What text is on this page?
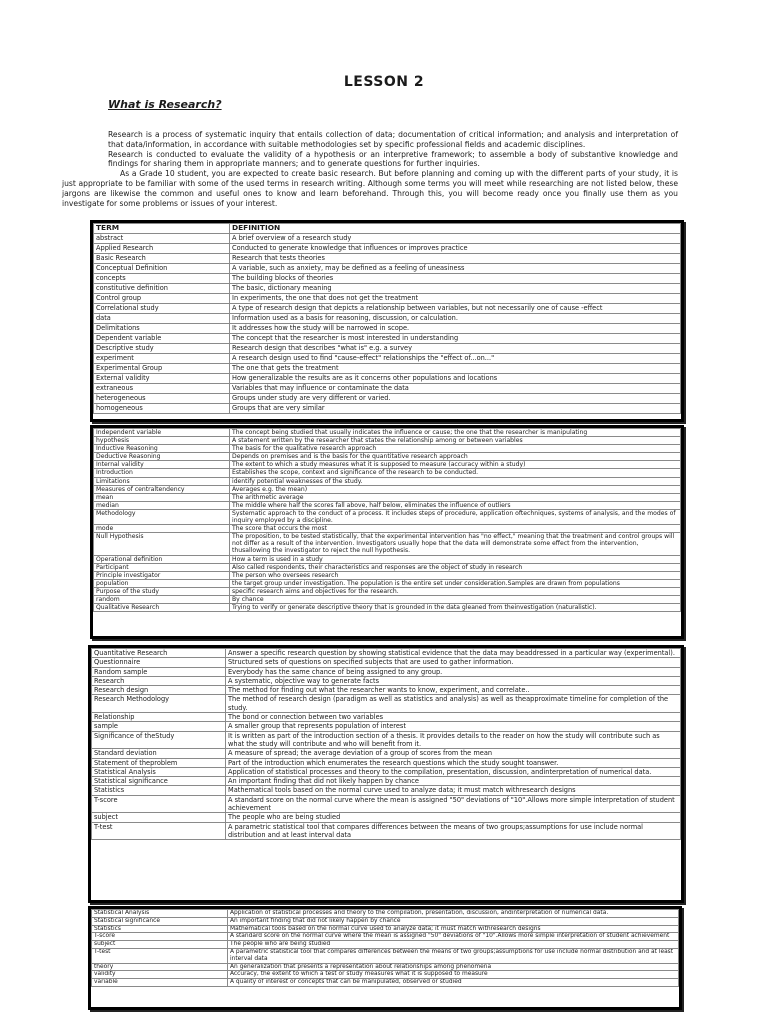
LESSON 2
What is Research?

Research is a process of systematic inquiry that entails collection of data; documentation of critical information; and analysis and interpretation of that data/information, in accordance with suitable methodologies set by specific professional fields and academic disciplines.

Research is conducted to evaluate the validity of a hypothesis or an interpretive framework; to assemble a body of substantive knowledge and findings for sharing them in appropriate manners; and to generate questions for further inquiries.

As a Grade 10 student, you are expected to create basic research. But before planning and coming up with the different parts of your study, it is just appropriate to be familiar with some of the used terms in research writing. Although some terms you will meet while researching are not listed below, these jargons are likewise the common and useful ones to know and learn beforehand. Through this, you will become ready once you finally use them as you investigate for some problems or issues of your interest.

TERM	DEFINITION
abstract	A brief overview of a research study
Applied Research	Conducted to generate knowledge that influences or improves practice
Basic Research	Research that tests theories
Conceptual Definition	A variable, such as anxiety, may be defined as a feeling of uneasiness
concepts	The building blocks of theories
constitutive definition	The basic, dictionary meaning
Control group	In experiments, the one that does not get the treatment
Correlational study	A type of research design that depicts a relationship between variables, but not necessarily one of cause -effect
data	Information used as a basis for reasoning, discussion, or calculation.
Delimitations	It addresses how the study will be narrowed in scope.
Dependent variable	The concept that the researcher is most interested in understanding
Descriptive study	Research design that describes "what is" e.g. a survey
experiment	A research design used to find "cause-effect" relationships the "effect of...on..."
Experimental Group	The one that gets the treatment
External validity	How generalizable the results are as it concerns other populations and locations
extraneous	Variables that may influence or contaminate the data
heterogeneous	Groups under study are very different or varied.
homogeneous	Groups that are very similar
Independent variable	The concept being studied that usually indicates the influence or cause; the one that the researcher is manipulating
hypothesis	A statement written by the researcher that states the relationship among or between variables
Inductive Reasoning	The basis for the qualitative research approach
Deductive Reasoning	Depends on premises and is the basis for the quantitative research approach
Internal validity	The extent to which a study measures what it is supposed to measure (accuracy within a study)
Introduction	Establishes the scope, context and significance of the research to be conducted.
Limitations	identify potential weaknesses of the study.
Measures of centraltendency	Averages e.g. the mean)
mean	The arithmetic average
median	The middle where half the scores fall above, half below, eliminates the influence of outliers
Methodology	Systematic approach to the conduct of a process. It includes steps of procedure, application oftechniques, systems of analysis, and the modes of inquiry employed by a discipline.
mode	The score that occurs the most
Null Hypothesis	The proposition, to be tested statistically, that the experimental intervention has "no effect," meaning that the treatment and control groups will not differ as a result of the intervention. Investigators usually hope that the data will demonstrate some effect from the intervention, thusallowing the investigator to reject the null hypothesis.
Operational definition	How a term is used in a study
Participant	Also called respondents, their characteristics and responses are the object of study in research
Principle investigator	The person who oversees research
population	the target group under investigation. The population is the entire set under consideration.Samples are drawn from populations
Purpose of the study	specific research aims and objectives for the research.
random	By chance
Qualitative Research	Trying to verify or generate descriptive theory that is grounded in the data gleaned from theinvestigation (naturalistic).
Quantitative Research	Answer a specific research question by showing statistical evidence that the data may beaddressed in a particular way (experimental).
Questionnaire	Structured sets of questions on specified subjects that are used to gather information.
Random sample	Everybody has the same chance of being assigned to any group.
Research	A systematic, objective way to generate facts
Research design	The method for finding out what the researcher wants to know, experiment, and correlate..
Research Methodology	The method of research design (paradigm as well as statistics and analysis) as well as theapproximate timeline for completion of the study.
Relationship	The bond or connection between two variables
sample	A smaller group that represents population of interest
Significance of theStudy	It is written as part of the introduction section of a thesis. It provides details to the reader on how the study will contribute such as what the study will contribute and who will benefit from it.
Standard deviation	A measure of spread; the average deviation of a group of scores from the mean
Statement of theproblem	Part of the introduction which enumerates the research questions which the study sought toanswer.
Statistical Analysis	Application of statistical processes and theory to the compilation, presentation, discussion, andinterpretation of numerical data.
Statistical significance	An important finding that did not likely happen by chance
Statistics	Mathematical tools based on the normal curve used to analyze data; it must match withresearch designs
T-score	A standard score on the normal curve where the mean is assigned "50" deviations of "10".Allows more simple interpretation of student achievement
subject	The people who are being studied
T-test	A parametric statistical tool that compares differences between the means of two groups;assumptions for use include normal distribution and at least interval data
Statistical Analysis	Application of statistical processes and theory to the compilation, presentation, discussion, andinterpretation of numerical data.
Statistical significance	An important finding that did not likely happen by chance
Statistics	Mathematical tools based on the normal curve used to analyze data; it must match withresearch designs
T-score	A standard score on the normal curve where the mean is assigned "50" deviations of "10".Allows more simple interpretation of student achievement
subject	The people who are being studied
T-test	A parametric statistical tool that compares differences between the means of two groups;assumptions for use include normal distribution and at least interval data
theory	An generalization that presents a representation about relationships among phenomena
validity	Accuracy, the extent to which a test or study measures what it is supposed to measure
variable	A quality of interest or concepts that can be manipulated, observed or studied
